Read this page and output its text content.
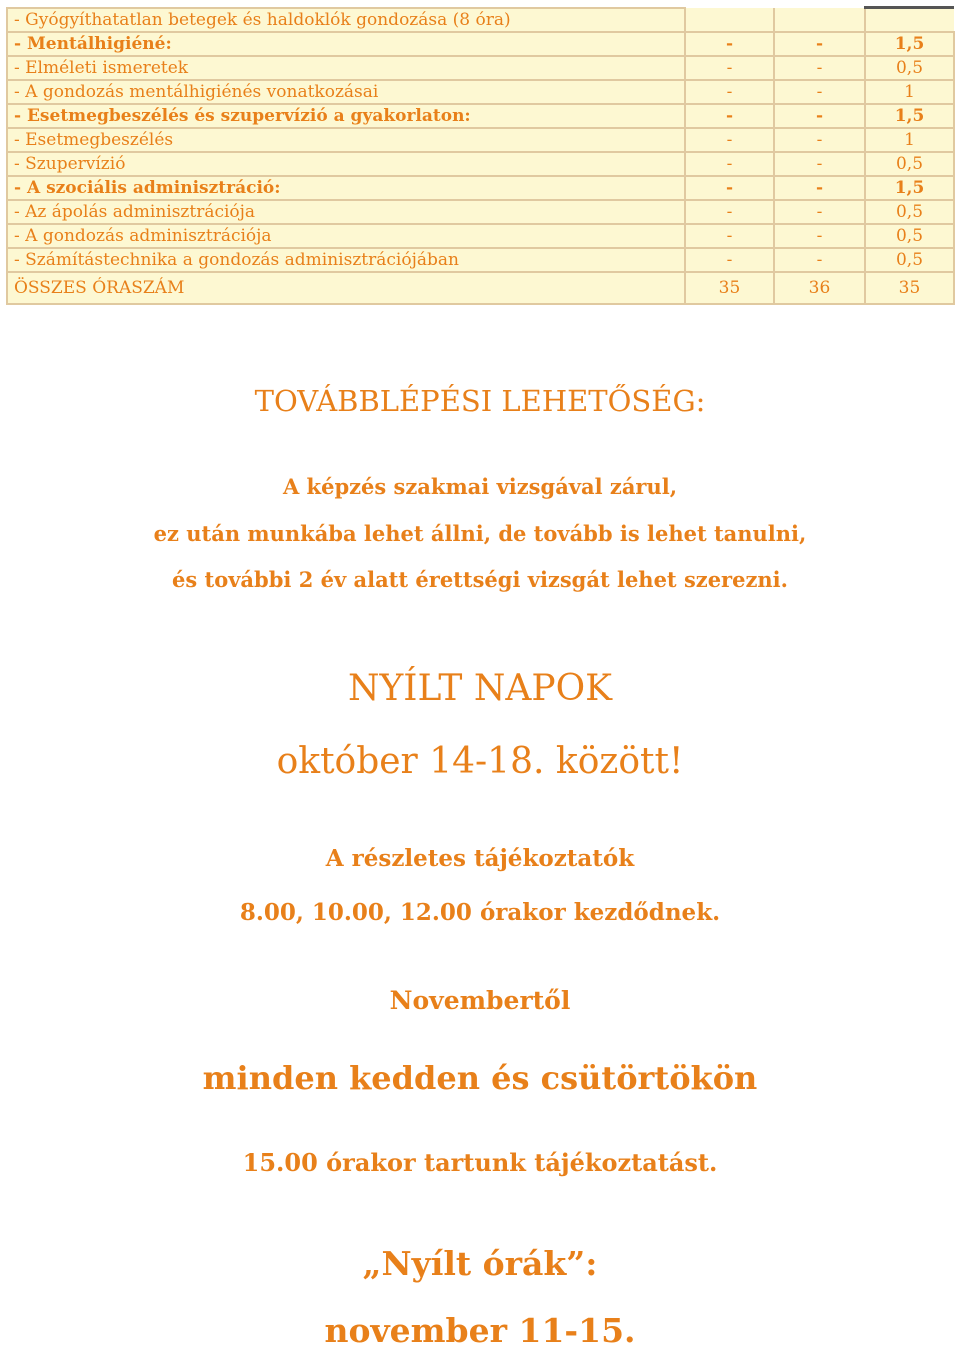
- Gyógyíthatatlan betegek és haldoklók gondozása (8 óra)			
- Mentálhigiéné:	-	-	1,5
- Elméleti ismeretek	-	-	0,5
- A gondozás mentálhigiénés vonatkozásai	-	-	1
- Esetmegbeszélés és szupervízió a gyakorlaton:	-	-	1,5
- Esetmegbeszélés	-	-	1
- Szupervízió	-	-	0,5
- A szociális adminisztráció:	-	-	1,5
- Az ápolás adminisztrációja	-	-	0,5
- A gondozás adminisztrációja	-	-	0,5
- Számítástechnika a gondozás adminisztrációjában	-	-	0,5
ÖSSZES ÓRASZÁM	35	36	35
TOVÁBBLÉPÉSI LEHETŐSÉG:
A képzés szakmai vizsgával zárul,
ez után munkába lehet állni, de tovább is lehet tanulni,
és további 2 év alatt érettségi vizsgát lehet szerezni.
NYÍLT NAPOK
október 14-18. között!
A részletes tájékoztatók
8.00, 10.00, 12.00 órakor kezdődnek.
Novembertől
minden kedden és csütörtökön
15.00 órakor tartunk tájékoztatást.
„Nyílt órák”:
november 11-15.
